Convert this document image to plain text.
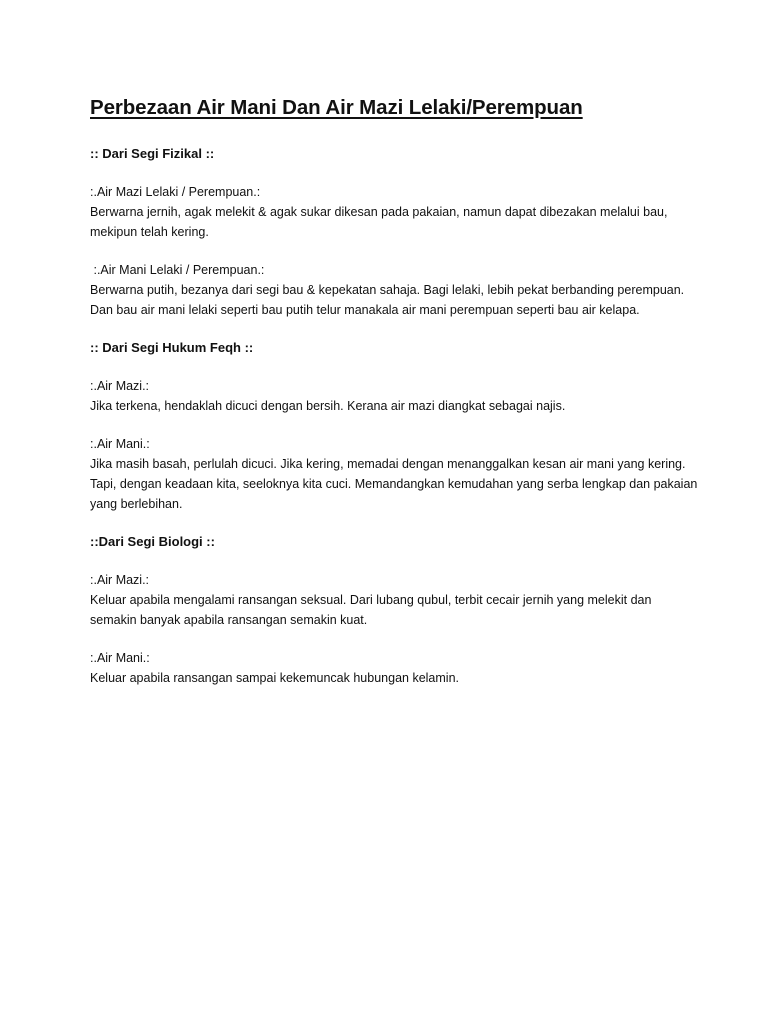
Perbezaan Air Mani Dan Air Mazi Lelaki/Perempuan
:: Dari Segi Fizikal ::

:.Air Mazi Lelaki / Perempuan.:

Berwarna jernih, agak melekit & agak sukar dikesan pada pakaian, namun dapat dibezakan melalui bau, mekipun telah kering.

:.Air Mani Lelaki / Perempuan.:

Berwarna putih, bezanya dari segi bau & kepekatan sahaja. Bagi lelaki, lebih pekat berbanding perempuan. Dan bau air mani lelaki seperti bau putih telur manakala air mani perempuan seperti bau air kelapa.

:: Dari Segi Hukum Feqh ::

:.Air Mazi.:

Jika terkena, hendaklah dicuci dengan bersih. Kerana air mazi diangkat sebagai najis.

:.Air Mani.:

Jika masih basah, perlulah dicuci. Jika kering, memadai dengan menanggalkan kesan air mani yang kering. Tapi, dengan keadaan kita, seeloknya kita cuci. Memandangkan kemudahan yang serba lengkap dan pakaian yang berlebihan.

::Dari Segi Biologi ::

:.Air Mazi.:

Keluar apabila mengalami ransangan seksual. Dari lubang qubul, terbit cecair jernih yang melekit dan semakin banyak apabila ransangan semakin kuat.

:.Air Mani.:

Keluar apabila ransangan sampai kekemuncak hubungan kelamin.
